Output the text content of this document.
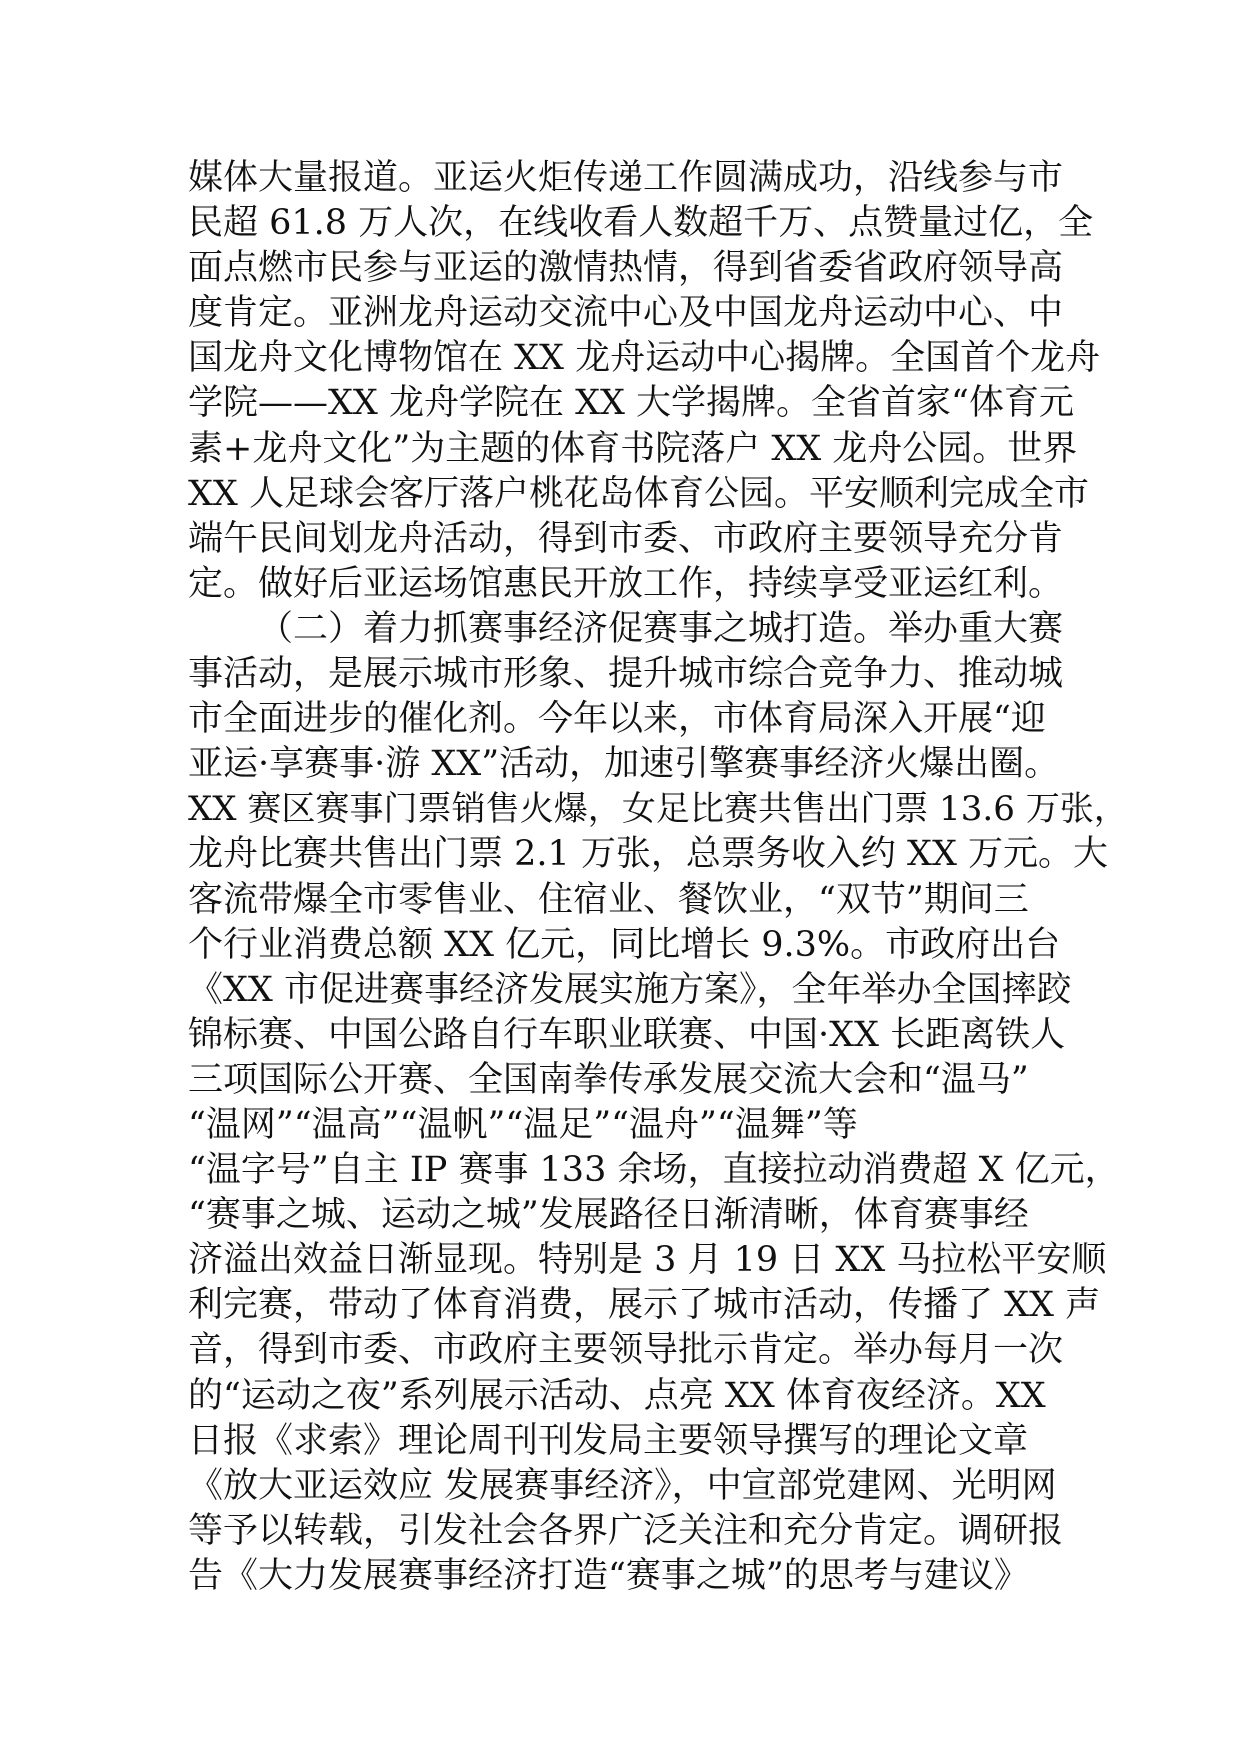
媒体大量报道。亚运火炬传递工作圆满成功，沿线参与市
民超 61.8 万人次，在线收看人数超千万、点赞量过亿，全
面点燃市民参与亚运的激情热情，得到省委省政府领导高
度肯定。亚洲龙舟运动交流中心及中国龙舟运动中心、中
国龙舟文化博物馆在 XX 龙舟运动中心揭牌。全国首个龙舟
学院——XX 龙舟学院在 XX 大学揭牌。全省首家“体育元
素+龙舟文化”为主题的体育书院落户 XX 龙舟公园。世界
XX 人足球会客厅落户桃花岛体育公园。平安顺利完成全市
端午民间划龙舟活动，得到市委、市政府主要领导充分肯
定。做好后亚运场馆惠民开放工作，持续享受亚运红利。
（二）着力抓赛事经济促赛事之城打造。举办重大赛
事活动，是展示城市形象、提升城市综合竞争力、推动城
市全面进步的催化剂。今年以来，市体育局深入开展“迎
亚运·享赛事·游 XX”活动，加速引擎赛事经济火爆出圈。
XX 赛区赛事门票销售火爆，女足比赛共售出门票 13.6 万张，
龙舟比赛共售出门票 2.1 万张，总票务收入约 XX 万元。大
客流带爆全市零售业、住宿业、餐饮业，“双节”期间三
个行业消费总额 XX 亿元，同比增长 9.3%。市政府出台
《XX 市促进赛事经济发展实施方案》，全年举办全国摔跤
锦标赛、中国公路自行车职业联赛、中国·XX 长距离铁人
三项国际公开赛、全国南拳传承发展交流大会和“温马”
“温网”“温高”“温帆”“温足”“温舟”“温舞”等
“温字号”自主 IP 赛事 133 余场，直接拉动消费超 X 亿元，
“赛事之城、运动之城”发展路径日渐清晰，体育赛事经
济溢出效益日渐显现。特别是 3 月 19 日 XX 马拉松平安顺
利完赛，带动了体育消费，展示了城市活动，传播了 XX 声
音，得到市委、市政府主要领导批示肯定。举办每月一次
的“运动之夜”系列展示活动、点亮 XX 体育夜经济。XX
日报《求索》理论周刊刊发局主要领导撰写的理论文章
《放大亚运效应 发展赛事经济》，中宣部党建网、光明网
等予以转载，引发社会各界广泛关注和充分肯定。调研报
告《大力发展赛事经济打造“赛事之城”的思考与建议》
